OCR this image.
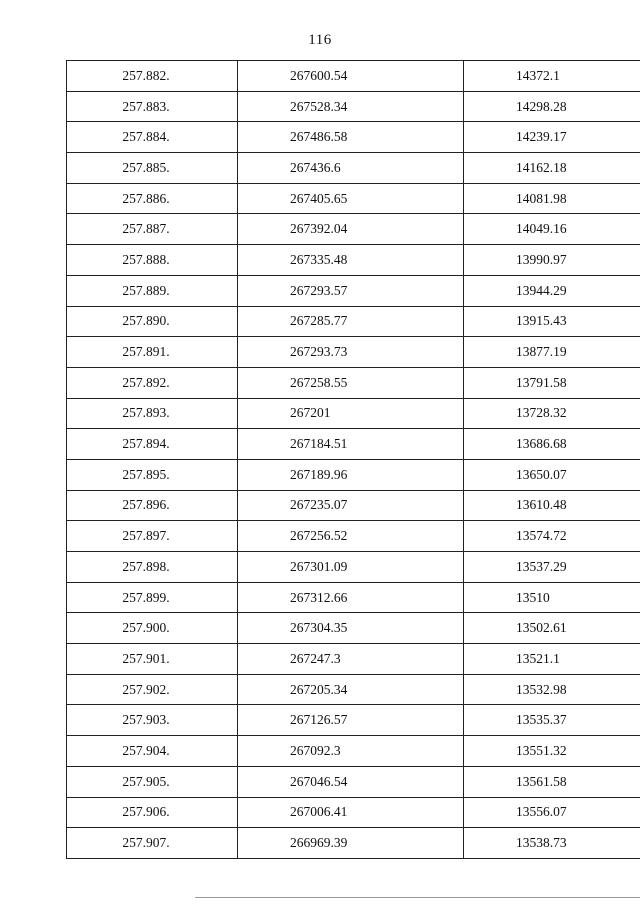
116
257.882.	267600.54	14372.1
257.883.	267528.34	14298.28
257.884.	267486.58	14239.17
257.885.	267436.6	14162.18
257.886.	267405.65	14081.98
257.887.	267392.04	14049.16
257.888.	267335.48	13990.97
257.889.	267293.57	13944.29
257.890.	267285.77	13915.43
257.891.	267293.73	13877.19
257.892.	267258.55	13791.58
257.893.	267201	13728.32
257.894.	267184.51	13686.68
257.895.	267189.96	13650.07
257.896.	267235.07	13610.48
257.897.	267256.52	13574.72
257.898.	267301.09	13537.29
257.899.	267312.66	13510
257.900.	267304.35	13502.61
257.901.	267247.3	13521.1
257.902.	267205.34	13532.98
257.903.	267126.57	13535.37
257.904.	267092.3	13551.32
257.905.	267046.54	13561.58
257.906.	267006.41	13556.07
257.907.	266969.39	13538.73
